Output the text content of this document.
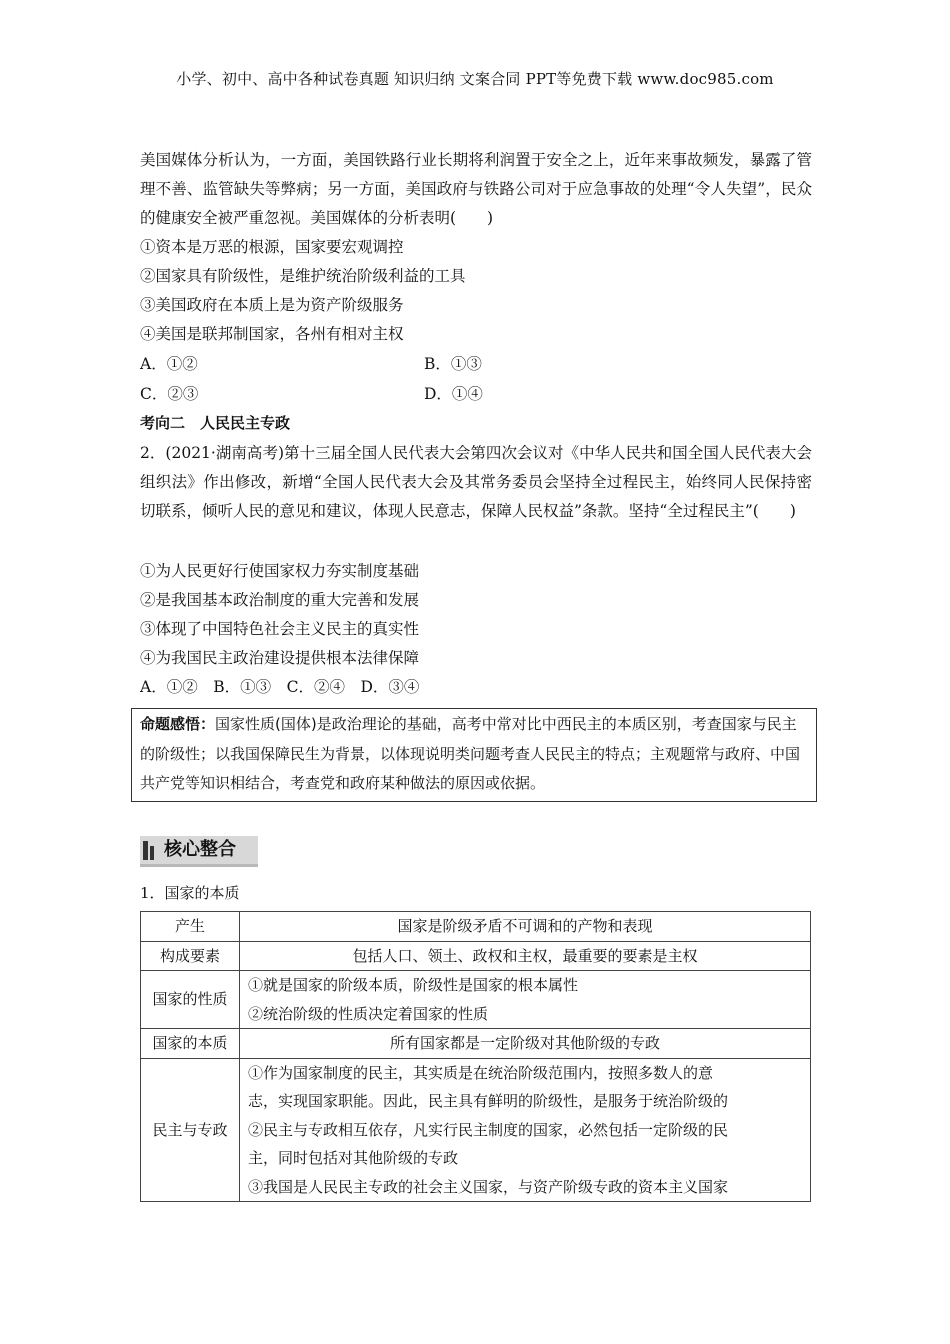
小学、初中、高中各种试卷真题 知识归纳 文案合同 PPT等免费下载 www.doc985.com
美国媒体分析认为，一方面，美国铁路行业长期将利润置于安全之上，近年来事故频发，暴露了管理不善、监管缺失等弊病；另一方面，美国政府与铁路公司对于应急事故的处理“令人失望”，民众的健康安全被严重忽视。美国媒体的分析表明(　　)
①资本是万恶的根源，国家要宏观调控
②国家具有阶级性，是维护统治阶级利益的工具
③美国政府在本质上是为资产阶级服务
④美国是联邦制国家，各州有相对主权
A．①②	B．①③
C．②③	D．①④
考向二　人民民主专政
2．(2021·湖南高考)第十三届全国人民代表大会第四次会议对《中华人民共和国全国人民代表大会组织法》作出修改，新增“全国人民代表大会及其常务委员会坚持全过程民主，始终同人民保持密切联系，倾听人民的意见和建议，体现人民意志，保障人民权益”条款。坚持“全过程民主”(　　)
①为人民更好行使国家权力夯实制度基础
②是我国基本政治制度的重大完善和发展
③体现了中国特色社会主义民主的真实性
④为我国民主政治建设提供根本法律保障
A．①②　B．①③　C．②④　D．③④
命题感悟：国家性质(国体)是政治理论的基础，高考中常对比中西民主的本质区别，考查国家与民主的阶级性；以我国保障民生为背景，以体现说明类问题考查人民民主的特点；主观题常与政府、中国共产党等知识相结合，考查党和政府某种做法的原因或依据。
核心整合
1．国家的本质
产生	国家是阶级矛盾不可调和的产物和表现

构成要素	包括人口、领土、政权和主权，最重要的要素是主权

国家的性质	①就是国家的阶级本质，阶级性是国家的根本属性
②统治阶级的性质决定着国家的性质

国家的本质	所有国家都是一定阶级对其他阶级的专政

民主与专政	①作为国家制度的民主，其实质是在统治阶级范围内，按照多数人的意
志，实现国家职能。因此，民主具有鲜明的阶级性，是服务于统治阶级的
②民主与专政相互依存，凡实行民主制度的国家，必然包括一定阶级的民
主，同时包括对其他阶级的专政
③我国是人民民主专政的社会主义国家，与资产阶级专政的资本主义国家
